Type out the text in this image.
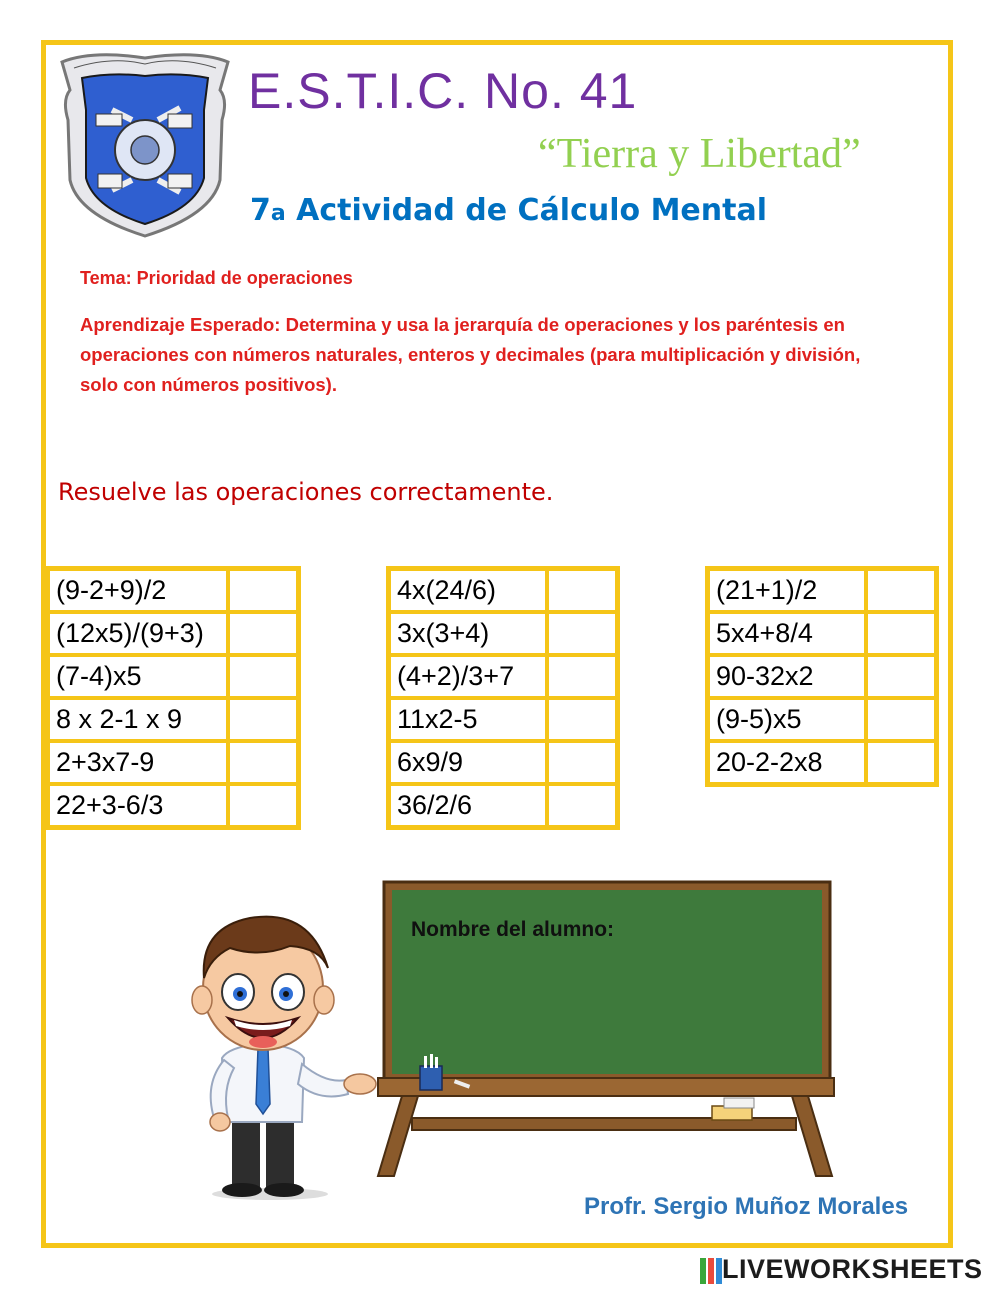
E.S.T.I.C. No. 41
“Tierra y Libertad”
7a Actividad de Cálculo Mental
Tema: Prioridad de operaciones
Aprendizaje Esperado: Determina y usa la jerarquía de operaciones y los paréntesis en operaciones con números naturales, enteros y decimales (para multiplicación y división, solo con números positivos).
Resuelve las operaciones correctamente.
(9-2+9)/2	
(12x5)/(9+3)	
(7-4)x5	
8 x 2-1 x 9	
2+3x7-9	
22+3-6/3	
4x(24/6)	
3x(3+4)	
(4+2)/3+7	
11x2-5	
6x9/9	
36/2/6	
(21+1)/2	
5x4+8/4	
90-32x2	
(9-5)x5	
20-2-2x8	
Nombre del alumno:
Profr. Sergio Muñoz Morales
LIVEWORKSHEETS
